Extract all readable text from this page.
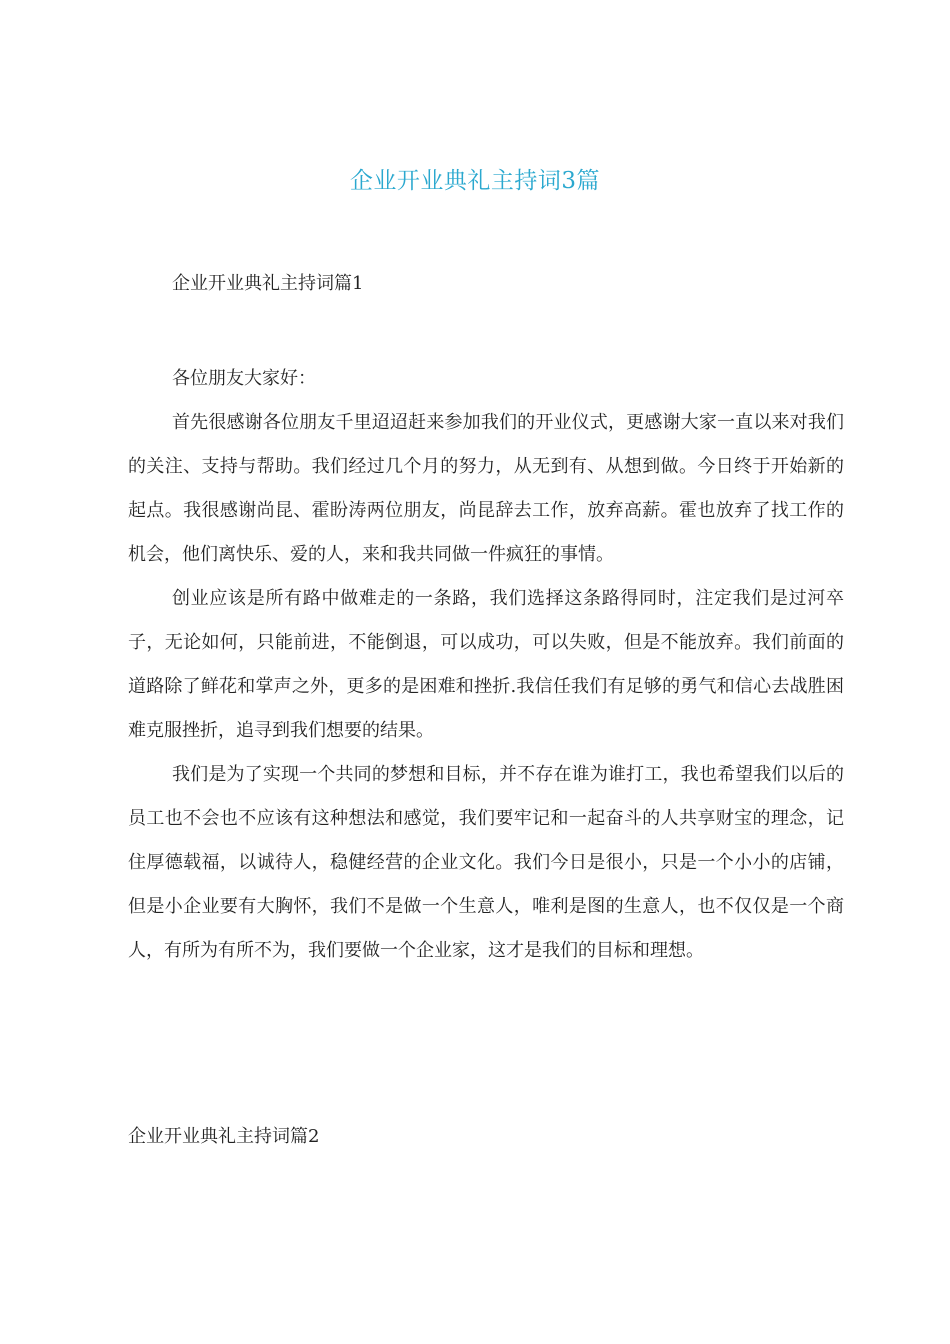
企业开业典礼主持词3篇

企业开业典礼主持词篇1

各位朋友大家好：

首先很感谢各位朋友千里迢迢赶来参加我们的开业仪式，更感谢大家一直以来对我们的关注、支持与帮助。我们经过几个月的努力，从无到有、从想到做。今日终于开始新的起点。我很感谢尚昆、霍盼涛两位朋友，尚昆辞去工作，放弃高薪。霍也放弃了找工作的机会，他们离快乐、爱的人，来和我共同做一件疯狂的事情。

创业应该是所有路中做难走的一条路，我们选择这条路得同时，注定我们是过河卒子，无论如何，只能前进，不能倒退，可以成功，可以失败，但是不能放弃。我们前面的道路除了鲜花和掌声之外，更多的是困难和挫折.我信任我们有足够的勇气和信心去战胜困难克服挫折，追寻到我们想要的结果。

我们是为了实现一个共同的梦想和目标，并不存在谁为谁打工，我也希望我们以后的员工也不会也不应该有这种想法和感觉，我们要牢记和一起奋斗的人共享财宝的理念，记住厚德载福，以诚待人，稳健经营的企业文化。我们今日是很小，只是一个小小的店铺，但是小企业要有大胸怀，我们不是做一个生意人，唯利是图的生意人，也不仅仅是一个商人，有所为有所不为，我们要做一个企业家，这才是我们的目标和理想。

企业开业典礼主持词篇2
